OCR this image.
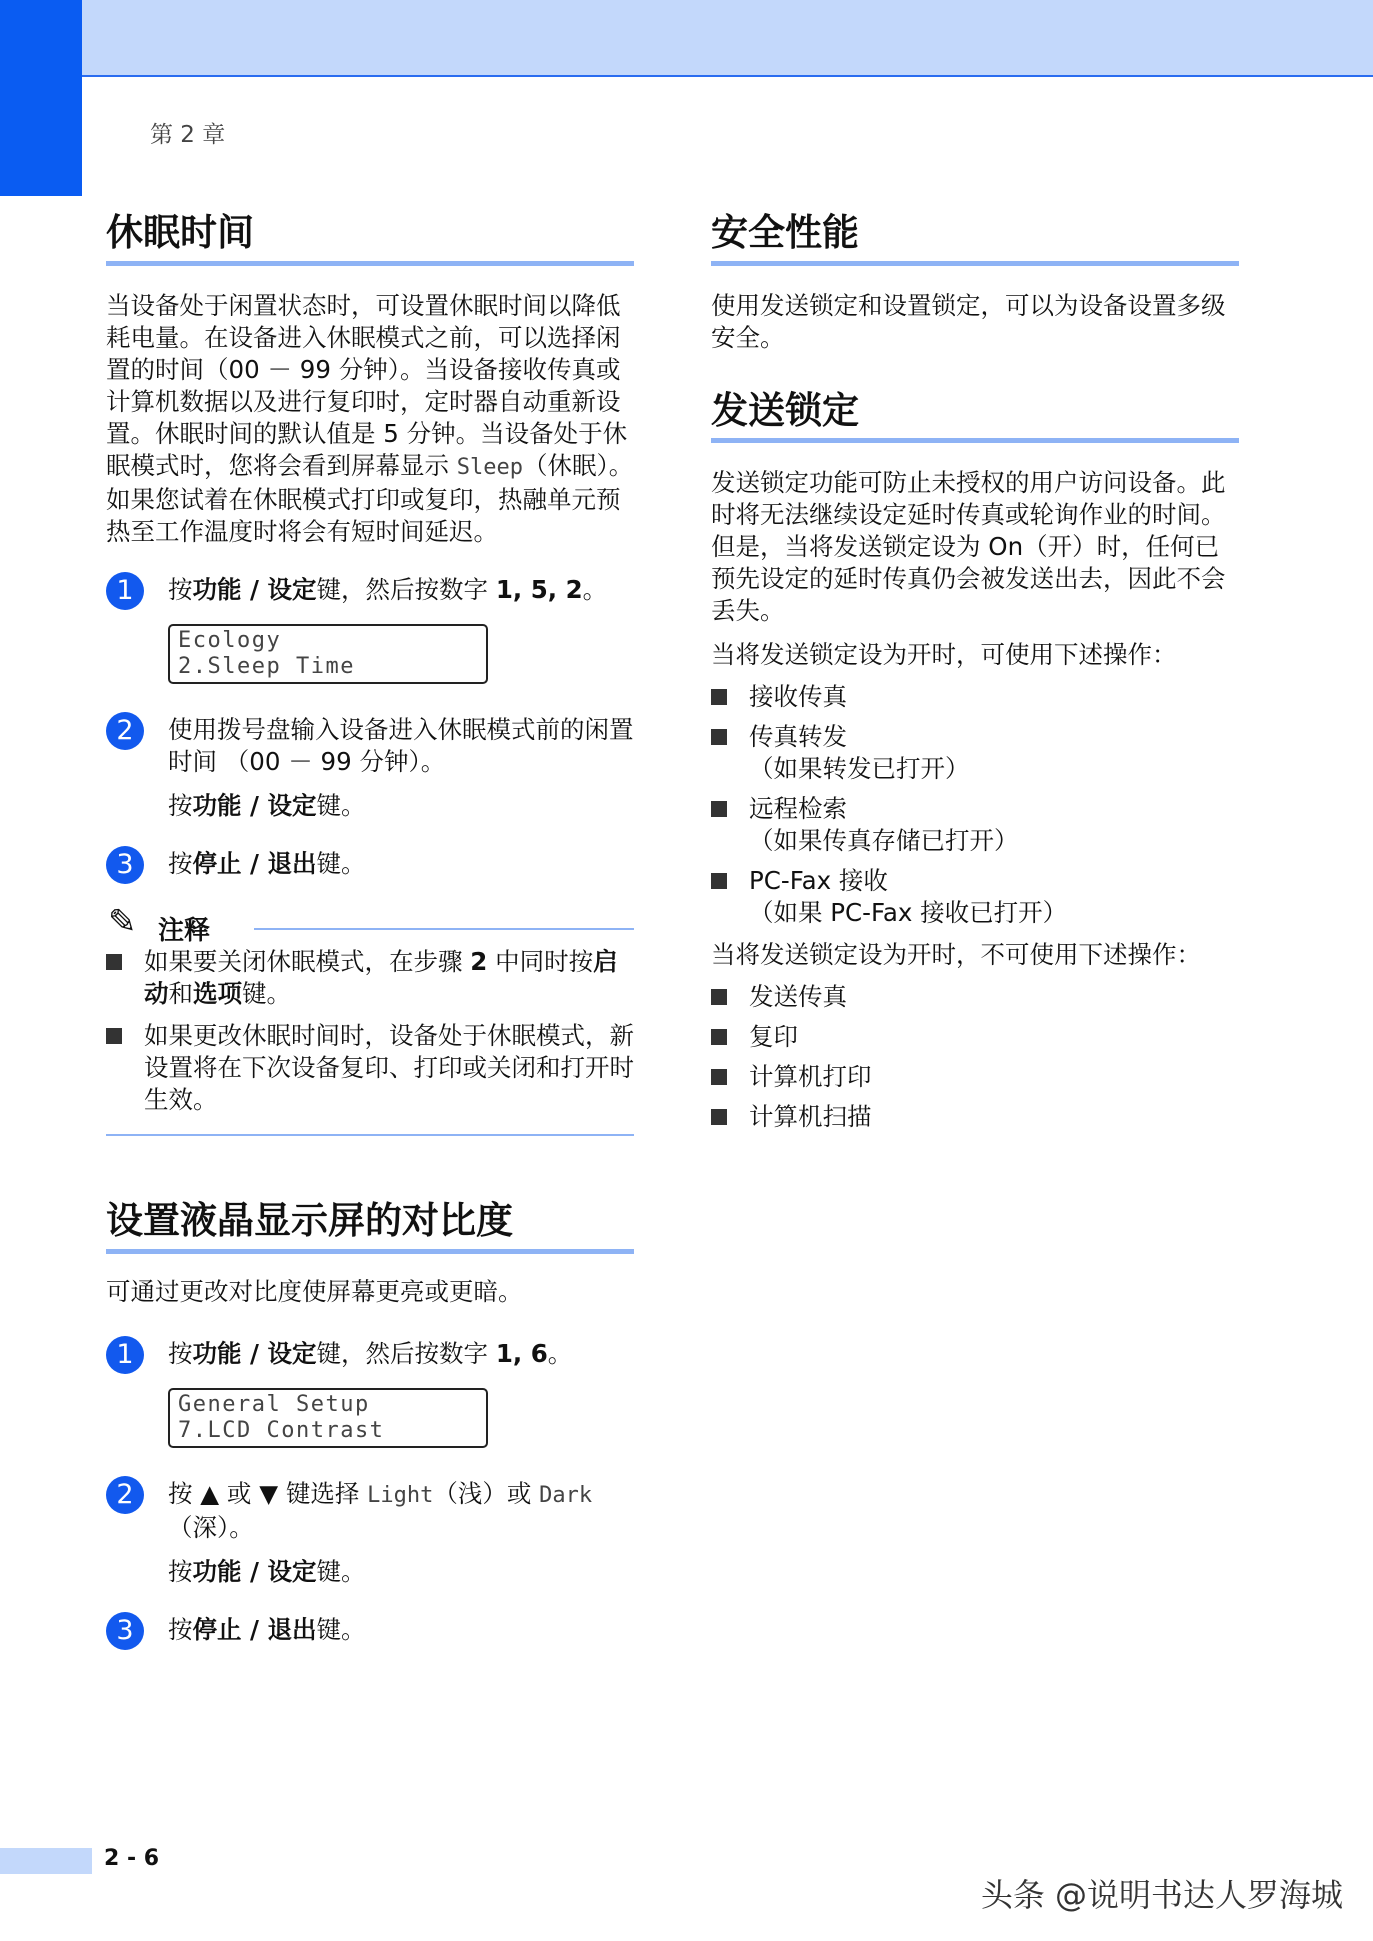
第 2 章
休眠时间

当设备处于闲置状态时，可设置休眠时间以降低耗电量。在设备进入休眠模式之前，可以选择闲置的时间（00 － 99 分钟）。当设备接收传真或计算机数据以及进行复印时，定时器自动重新设置。休眠时间的默认值是 5 分钟。当设备处于休眠模式时，您将会看到屏幕显示 Sleep（休眠）。如果您试着在休眠模式打印或复印，热融单元预热至工作温度时将会有短时间延迟。

1	按功能 / 设定键，然后按数字 1, 5, 2。
Ecology
2.Sleep Time
2	使用拨号盘输入设备进入休眠模式前的闲置时间 （00 － 99 分钟）。
按功能 / 设定键。
3	按停止 / 退出键。
✎ 注释
如果要关闭休眠模式，在步骤 2 中同时按启动和选项键。
如果更改休眠时间时，设备处于休眠模式，新设置将在下次设备复印、打印或关闭和打开时生效。
设置液晶显示屏的对比度

可通过更改对比度使屏幕更亮或更暗。

1	按功能 / 设定键，然后按数字 1, 6。
General Setup
7.LCD Contrast
2	按 ▲ 或 ▼ 键选择 Light（浅）或 Dark（深）。
按功能 / 设定键。
3	按停止 / 退出键。
安全性能

使用发送锁定和设置锁定，可以为设备设置多级安全。

发送锁定

发送锁定功能可防止未授权的用户访问设备。此时将无法继续设定延时传真或轮询作业的时间。但是，当将发送锁定设为 On（开）时，任何已预先设定的延时传真仍会被发送出去，因此不会丢失。

当将发送锁定设为开时，可使用下述操作：

接收传真
传真转发
（如果转发已打开）
远程检索
（如果传真存储已打开）
PC-Fax 接收
（如果 PC-Fax 接收已打开）

当将发送锁定设为开时，不可使用下述操作：

发送传真
复印
计算机打印
计算机扫描
2 - 6
头条 @说明书达人罗海城
